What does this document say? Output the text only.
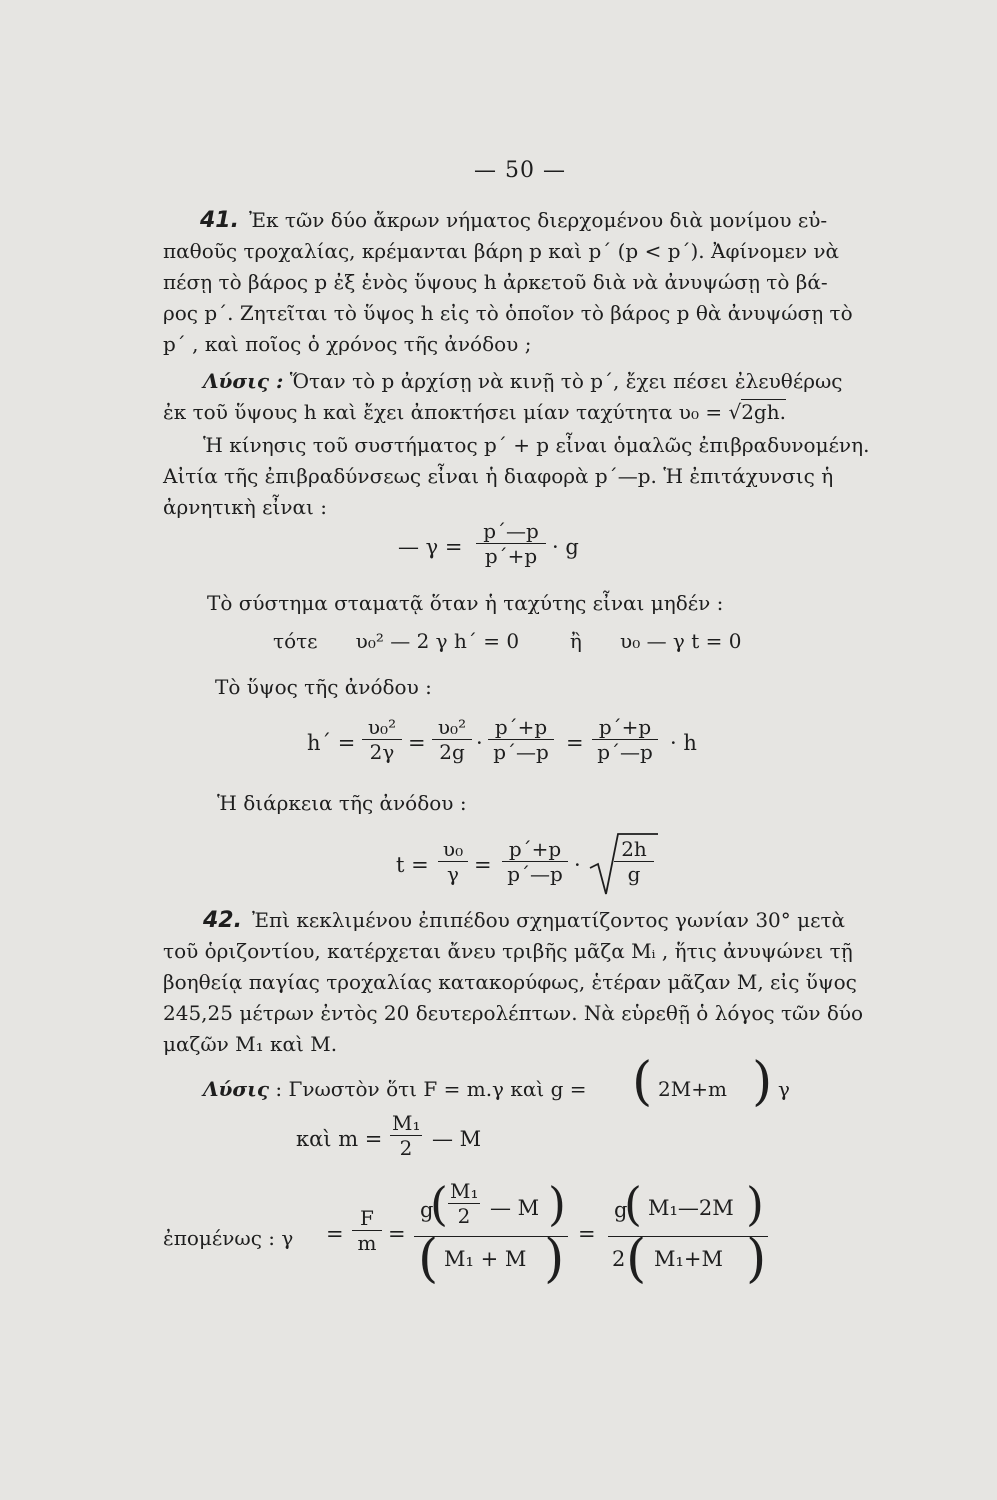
— 50 —
41. Ἐκ τῶν δύο ἄκρων νήματος διερχομένου διὰ μονίμου εὐ-
παθοῦς τροχαλίας, κρέμανται βάρη p καὶ p΄ (p < p΄). Ἀφίνομεν νὰ
πέσῃ τὸ βάρος p ἐξ ἑνὸς ὕψους h ἀρκετοῦ διὰ νὰ ἀνυψώσῃ τὸ βά-
ρος p΄. Ζητεῖται τὸ ὕψος h εἰς τὸ ὁποῖον τὸ βάρος p θὰ ἀνυψώσῃ τὸ
p΄ , καὶ ποῖος ὁ χρόνος τῆς ἀνόδου ;
Λύσις : Ὅταν τὸ p ἀρχίσῃ νὰ κινῇ τὸ p΄, ἔχει πέσει ἐλευθέρως
ἐκ τοῦ ὕψους h καὶ ἔχει ἀποκτήσει μίαν ταχύτητα υ₀ = √2gh.
Ἡ κίνησις τοῦ συστήματος p΄ + p εἶναι ὁμαλῶς ἐπιβραδυνομένη.
Αἰτία τῆς ἐπιβραδύνσεως εἶναι ἡ διαφορὰ p΄—p. Ἡ ἐπιτάχυνσις ἡ
ἀρνητικὴ εἶναι :
— γ =
p΄—p
p΄+p · g
Τὸ σύστημα σταματᾷ ὅταν ἡ ταχύτης εἶναι μηδέν :
τότε      υ₀² — 2 γ h΄ = 0        ἢ      υ₀ — γ t = 0
Τὸ ὕψος τῆς ἀνόδου :
h΄ =
υ₀²
2γ =
υ₀²
2g ·
p΄+p
p΄—p =
p΄+p
p΄—p · h
Ἡ διάρκεια τῆς ἀνόδου :
t =
υ₀
γ =
p΄+p
p΄—p ·
2h
g
42. Ἐπὶ κεκλιμένου ἐπιπέδου σχηματίζοντος γωνίαν 30° μετὰ
τοῦ ὁριζοντίου, κατέρχεται ἄνευ τριβῆς μᾶζα Mᵢ , ἥτις ἀνυψώνει τῇ
βοηθείᾳ παγίας τροχαλίας κατακορύφως, ἑτέραν μᾶζαν M, εἰς ὕψος
245,25 μέτρων ἐντὸς 20 δευτερολέπτων. Νὰ εὑρεθῇ ὁ λόγος τῶν δύο
μαζῶν M₁ καὶ M.
Λύσις : Γνωστὸν ὅτι F = m.γ καὶ g = ( 2M+m ) γ
καὶ m =
M₁
2 — M
ἐπομένως : γ =
F
m =
g
( M₁
2 — M )
( M₁ + M ) =
g
( M₁—2M )
2 ( M₁+M )
